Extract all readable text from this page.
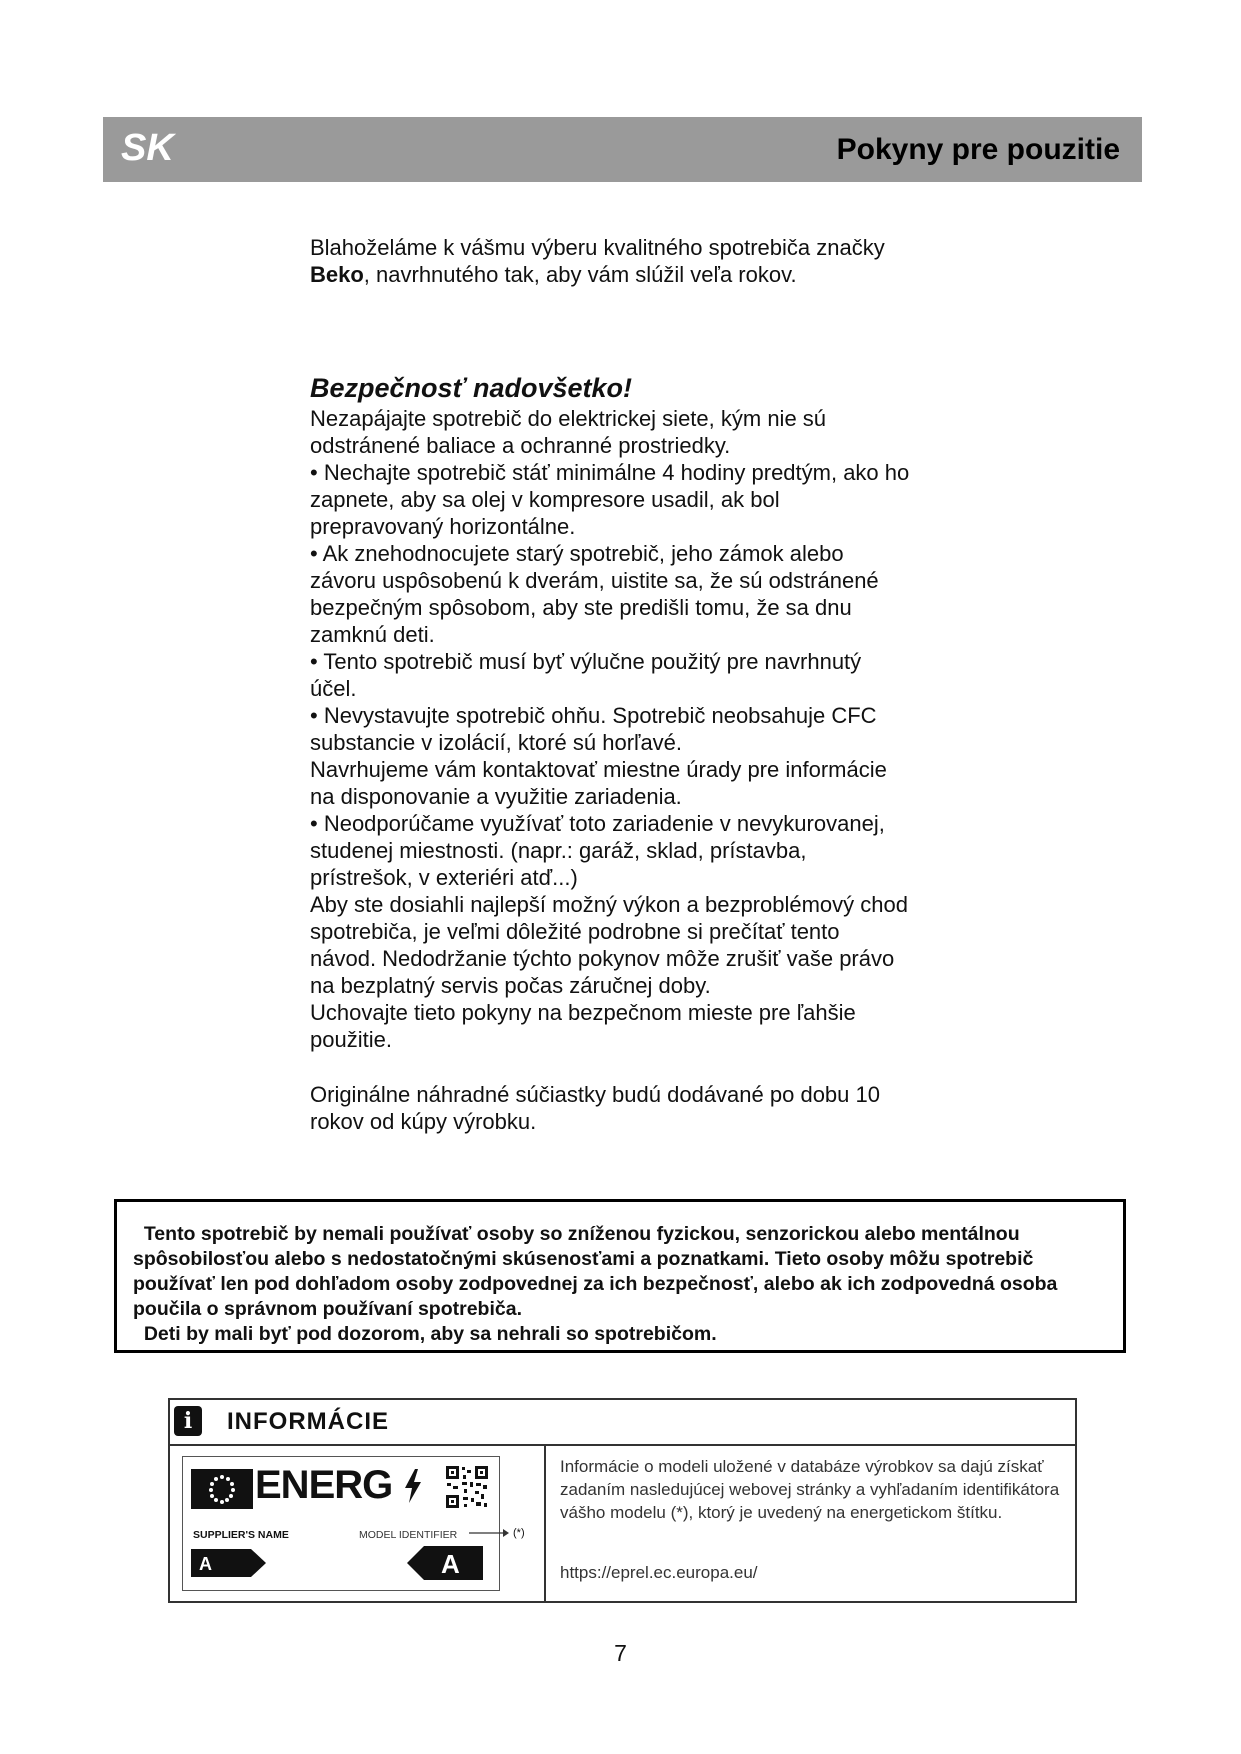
SK	Pokyny pre pouzitie
Blahoželáme k vášmu výberu kvalitného spotrebiča značky Beko, navrhnutého tak, aby vám slúžil veľa rokov.
Bezpečnosť nadovšetko!

Nezapájajte spotrebič do elektrickej siete, kým nie sú odstránené baliace a ochranné prostriedky.

• Nechajte spotrebič stáť minimálne 4 hodiny predtým, ako ho zapnete, aby sa olej v kompresore usadil, ak bol prepravovaný horizontálne.

• Ak znehodnocujete starý spotrebič, jeho zámok alebo závoru uspôsobenú k dverám, uistite sa, že sú odstránené bezpečným spôsobom, aby ste predišli tomu, že sa dnu zamknú deti.

• Tento spotrebič musí byť výlučne použitý pre navrhnutý účel.

• Nevystavujte spotrebič ohňu. Spotrebič neobsahuje CFC substancie v izolácií, ktoré sú horľavé.

Navrhujeme vám kontaktovať miestne úrady pre informácie na disponovanie a využitie zariadenia.

• Neodporúčame využívať toto zariadenie v nevykurovanej, studenej miestnosti. (napr.: garáž, sklad, prístavba, prístrešok, v exteriéri atď...)

Aby ste dosiahli najlepší možný výkon a bezproblémový chod spotrebiča, je veľmi dôležité podrobne si prečítať tento návod. Nedodržanie týchto pokynov môže zrušiť vaše právo na bezplatný servis počas záručnej doby.

Uchovajte tieto pokyny na bezpečnom mieste pre ľahšie použitie.

Originálne náhradné súčiastky budú dodávané po dobu 10 rokov od kúpy výrobku.

Tento spotrebič by nemali používať osoby so zníženou fyzickou, senzorickou alebo mentálnou spôsobilosťou alebo s nedostatočnými skúsenosťami a poznatkami. Tieto osoby môžu spotrebič používať len pod dohľadom osoby zodpovednej za ich bezpečnosť, alebo ak ich zodpovedná osoba poučila o správnom používaní spotrebiča.

Deti by mali byť pod dozorom, aby sa nehrali so spotrebičom.

i	INFORMÁCIE
ENERG
SUPPLIER'S NAME	MODEL IDENTIFIER	(*)
A	A
Informácie o modeli uložené v databáze výrobkov sa dajú získať zadaním nasledujúcej webovej stránky a vyhľadaním identifikátora vášho modelu (*), ktorý je uvedený na energetickom štítku.
https://eprel.ec.europa.eu/
7
